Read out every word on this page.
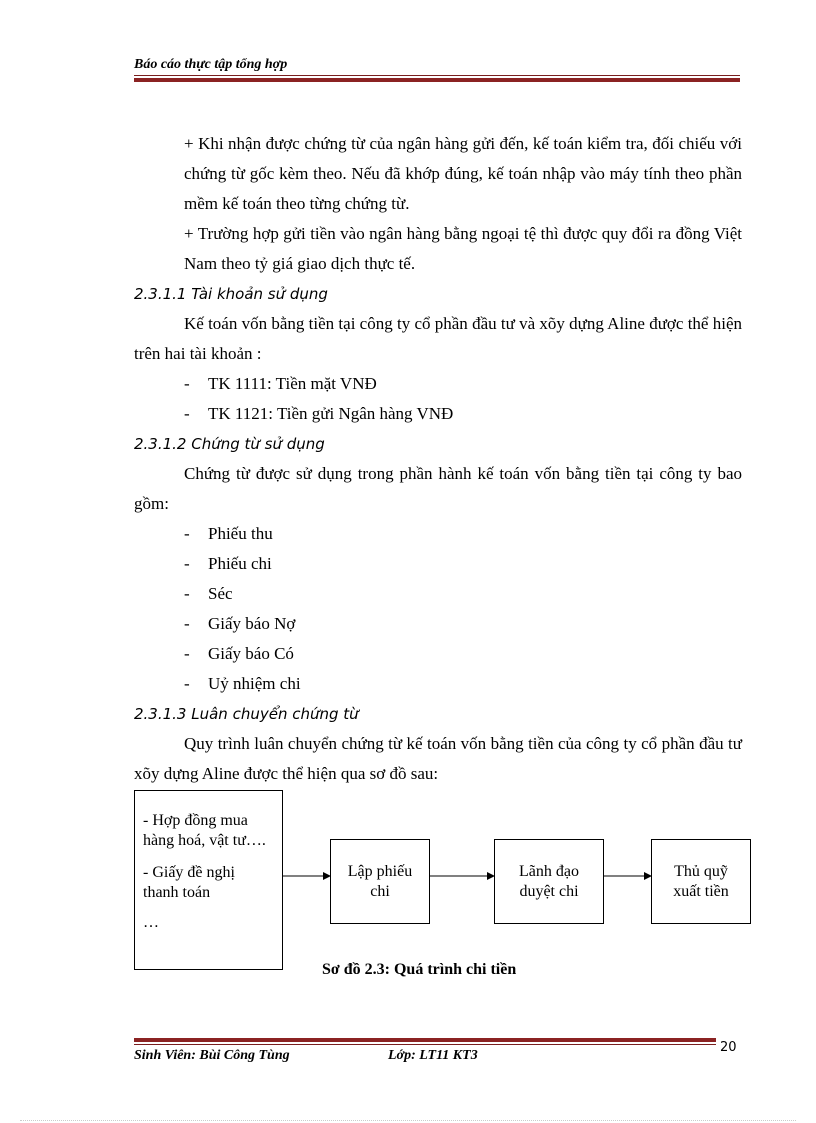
Báo cáo thực tập tổng hợp

+ Khi nhận được chứng từ của ngân hàng gửi đến, kế toán kiểm tra, đối chiếu với chứng từ gốc kèm theo. Nếu đã khớp đúng, kế toán nhập vào máy tính theo phần mềm kế toán theo từng chứng từ.

+ Trường hợp gửi tiền vào ngân hàng bằng ngoại tệ thì được quy đổi ra đồng Việt Nam theo tỷ giá giao dịch thực tế.

2.3.1.1 Tài khoản sử dụng

Kế toán vốn bằng tiền tại công ty cổ phần đầu tư và xõy dựng Aline được thể hiện trên hai tài khoản :

- TK 1111: Tiền mặt VNĐ

- TK 1121: Tiền gửi Ngân hàng VNĐ

2.3.1.2 Chứng từ sử dụng

Chứng từ được sử dụng trong phần hành kế toán vốn bằng tiền tại công ty bao gồm:

- Phiếu thu

- Phiếu chi

- Séc

- Giấy báo Nợ

- Giấy báo Có

- Uỷ nhiệm chi

2.3.1.3 Luân chuyển chứng từ

Quy trình luân chuyển chứng từ kế toán vốn bằng tiền của công ty cổ phần đầu tư xõy dựng Aline được thể hiện qua sơ đồ sau:

- Hợp đồng mua hàng hoá, vật tư….
- Giấy đề nghị thanh toán
…
Lập phiếu chi
Lãnh đạo duyệt chi
Thủ quỹ xuất tiền
Sơ đồ 2.3: Quá trình chi tiền
Sinh Viên: Bùi Công Tùng	Lớp: LT11 KT3
20
